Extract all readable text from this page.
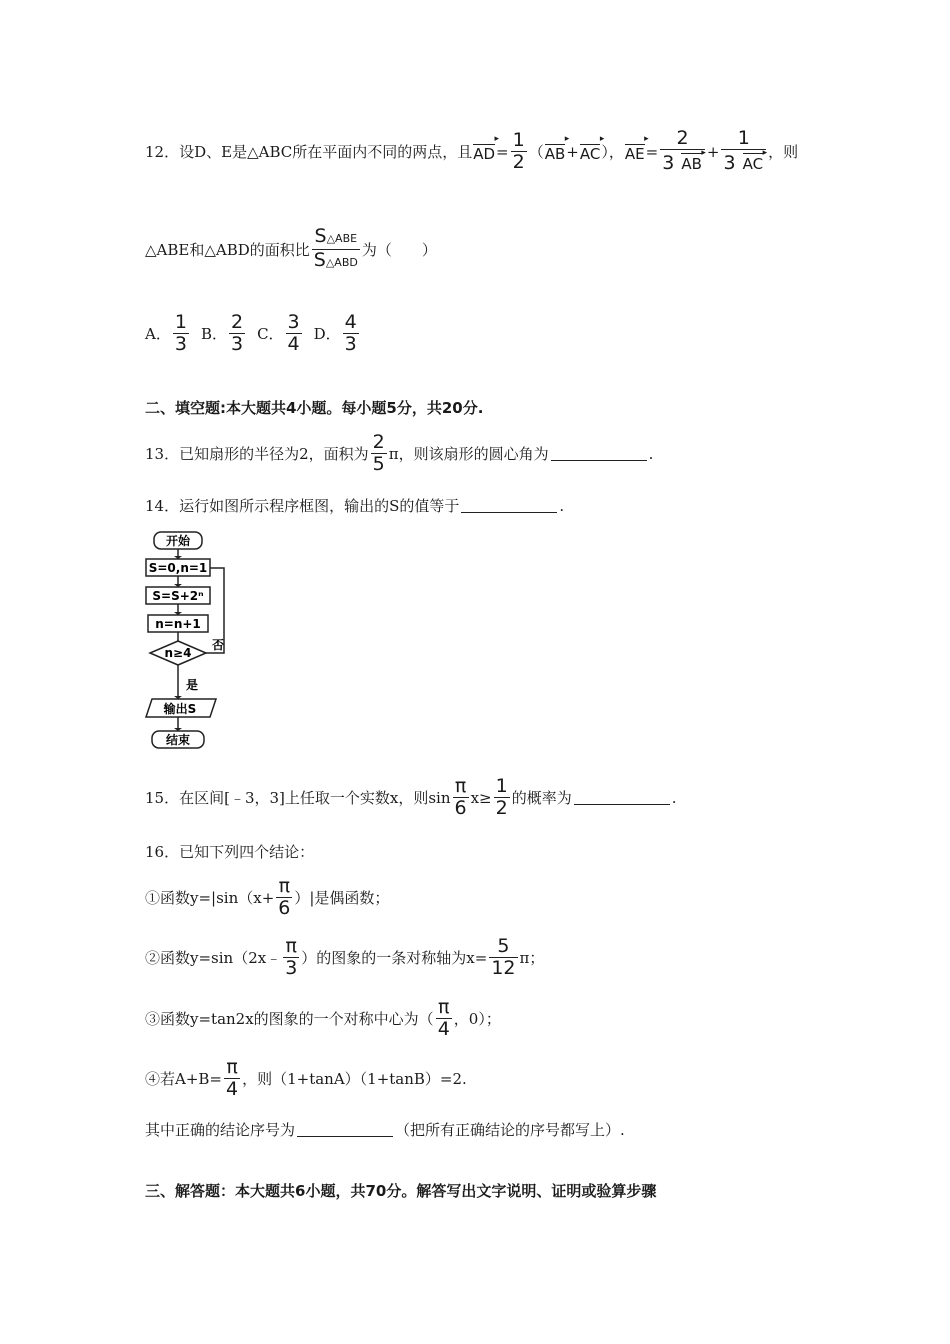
12． 设D、E是△ABC所在平面内不同的两点，且 AD ▸ = $\frac{1}{2}$ （ AB ▸ + AC ▸ ）， AE ▸ = $\frac{2}{3 AB}$ ▸ + $\frac{1}{3 AC}$ ▸ ，则
△ABE和△ABD的面积比 $\frac{\text{S△ABE}}{\text{S△ABD}}$ 为（　　）
A． $\frac{1}{3}$ B． $\frac{2}{3}$ C． $\frac{3}{4}$ D． $\frac{4}{3}$
二、填空题:本大题共4小题。每小题5分，共20分.
13．已知扇形的半径为2，面积为 $\frac{2}{5}$ π，则该扇形的圆心角为	.
14．运行如图所示程序框图，输出的S的值等于	.
开始
S=0,n=1
S=S+2ⁿ
n=n+1
n≥4
否
是
输出S
结束
15．在区间[﹣3，3]上任取一个实数x，则$\sin \frac{\pi}{6} x\ge \frac{1}{2}$ 的概率为	.
16．已知下列四个结论：
①函数$y=|\sin(x+ \frac{\pi}{6}$ ）|是偶函数；
②函数y=sin（2x﹣ $\frac{\pi}{3}$ ）的图象的一条对称轴为$x= \frac{5}{12}$ π；
③函数y=tan2x的图象的一个对称中心为（ $\frac{\pi}{4}$ ，0）；
④若$A+B= \frac{\pi}{4}$ ，则（1+tanA）（1+tanB）=2.
其中正确的结论序号为	（把所有正确结论的序号都写上）.
三、解答题：本大题共6小题，共70分。解答写出文字说明、证明或验算步骤
